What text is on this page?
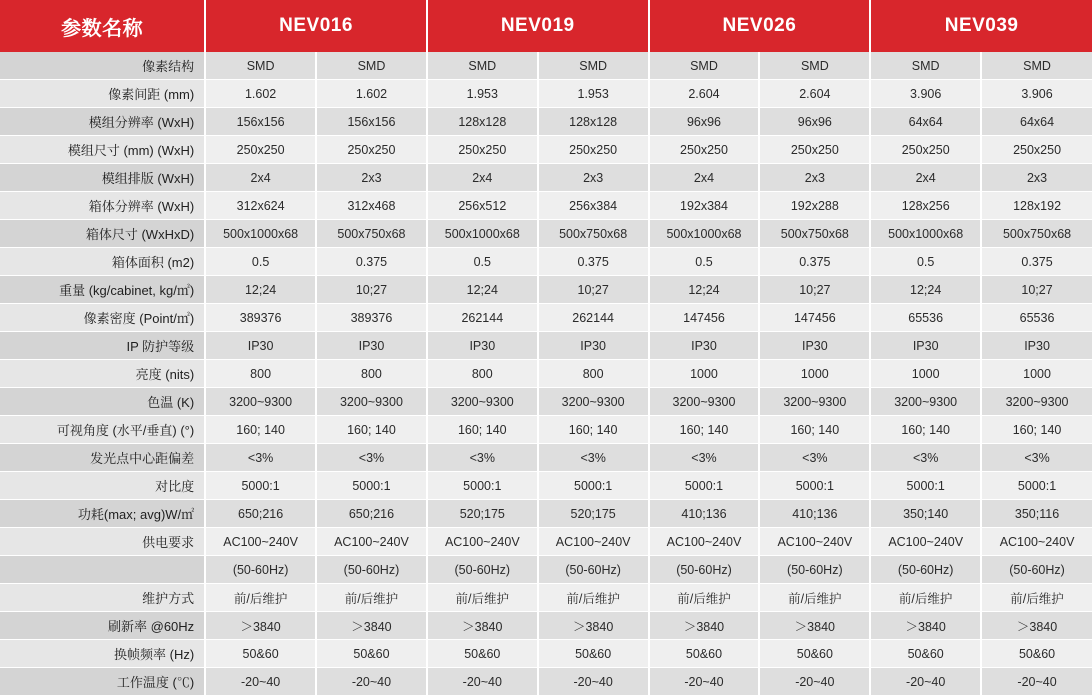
参数名称	NEV016		NEV019		NEV026		NEV039	
像素结构	SMD	SMD	SMD	SMD	SMD	SMD	SMD	SMD
像素间距 (mm)	1.602	1.602	1.953	1.953	2.604	2.604	3.906	3.906
模组分辨率 (WxH)	156x156	156x156	128x128	128x128	96x96	96x96	64x64	64x64
模组尺寸 (mm) (WxH)	250x250	250x250	250x250	250x250	250x250	250x250	250x250	250x250
模组排版 (WxH)	2x4	2x3	2x4	2x3	2x4	2x3	2x4	2x3
箱体分辨率 (WxH)	312x624	312x468	256x512	256x384	192x384	192x288	128x256	128x192
箱体尺寸 (WxHxD)	500x1000x68	500x750x68	500x1000x68	500x750x68	500x1000x68	500x750x68	500x1000x68	500x750x68
箱体面积 (m2)	0.5	0.375	0.5	0.375	0.5	0.375	0.5	0.375
重量 (kg/cabinet, kg/㎡)	12;24	10;27	12;24	10;27	12;24	10;27	12;24	10;27
像素密度 (Point/㎡)	389376	389376	262144	262144	147456	147456	65536	65536
IP 防护等级	IP30	IP30	IP30	IP30	IP30	IP30	IP30	IP30
亮度 (nits)	800	800	800	800	1000	1000	1000	1000
色温 (K)	3200~9300	3200~9300	3200~9300	3200~9300	3200~9300	3200~9300	3200~9300	3200~9300
可视角度 (水平/垂直) (°)	160; 140	160; 140	160; 140	160; 140	160; 140	160; 140	160; 140	160; 140
发光点中心距偏差	<3%	<3%	<3%	<3%	<3%	<3%	<3%	<3%
对比度	5000:1	5000:1	5000:1	5000:1	5000:1	5000:1	5000:1	5000:1
功耗(max; avg)W/㎡	650;216	650;216	520;175	520;175	410;136	410;136	350;140	350;116
供电要求	AC100~240V	AC100~240V	AC100~240V	AC100~240V	AC100~240V	AC100~240V	AC100~240V	AC100~240V
	(50-60Hz)	(50-60Hz)	(50-60Hz)	(50-60Hz)	(50-60Hz)	(50-60Hz)	(50-60Hz)	(50-60Hz)
维护方式	前/后维护	前/后维护	前/后维护	前/后维护	前/后维护	前/后维护	前/后维护	前/后维护
刷新率 @60Hz	＞3840	＞3840	＞3840	＞3840	＞3840	＞3840	＞3840	＞3840
换帧频率 (Hz)	50&60	50&60	50&60	50&60	50&60	50&60	50&60	50&60
工作温度 (℃)	-20~40	-20~40	-20~40	-20~40	-20~40	-20~40	-20~40	-20~40
